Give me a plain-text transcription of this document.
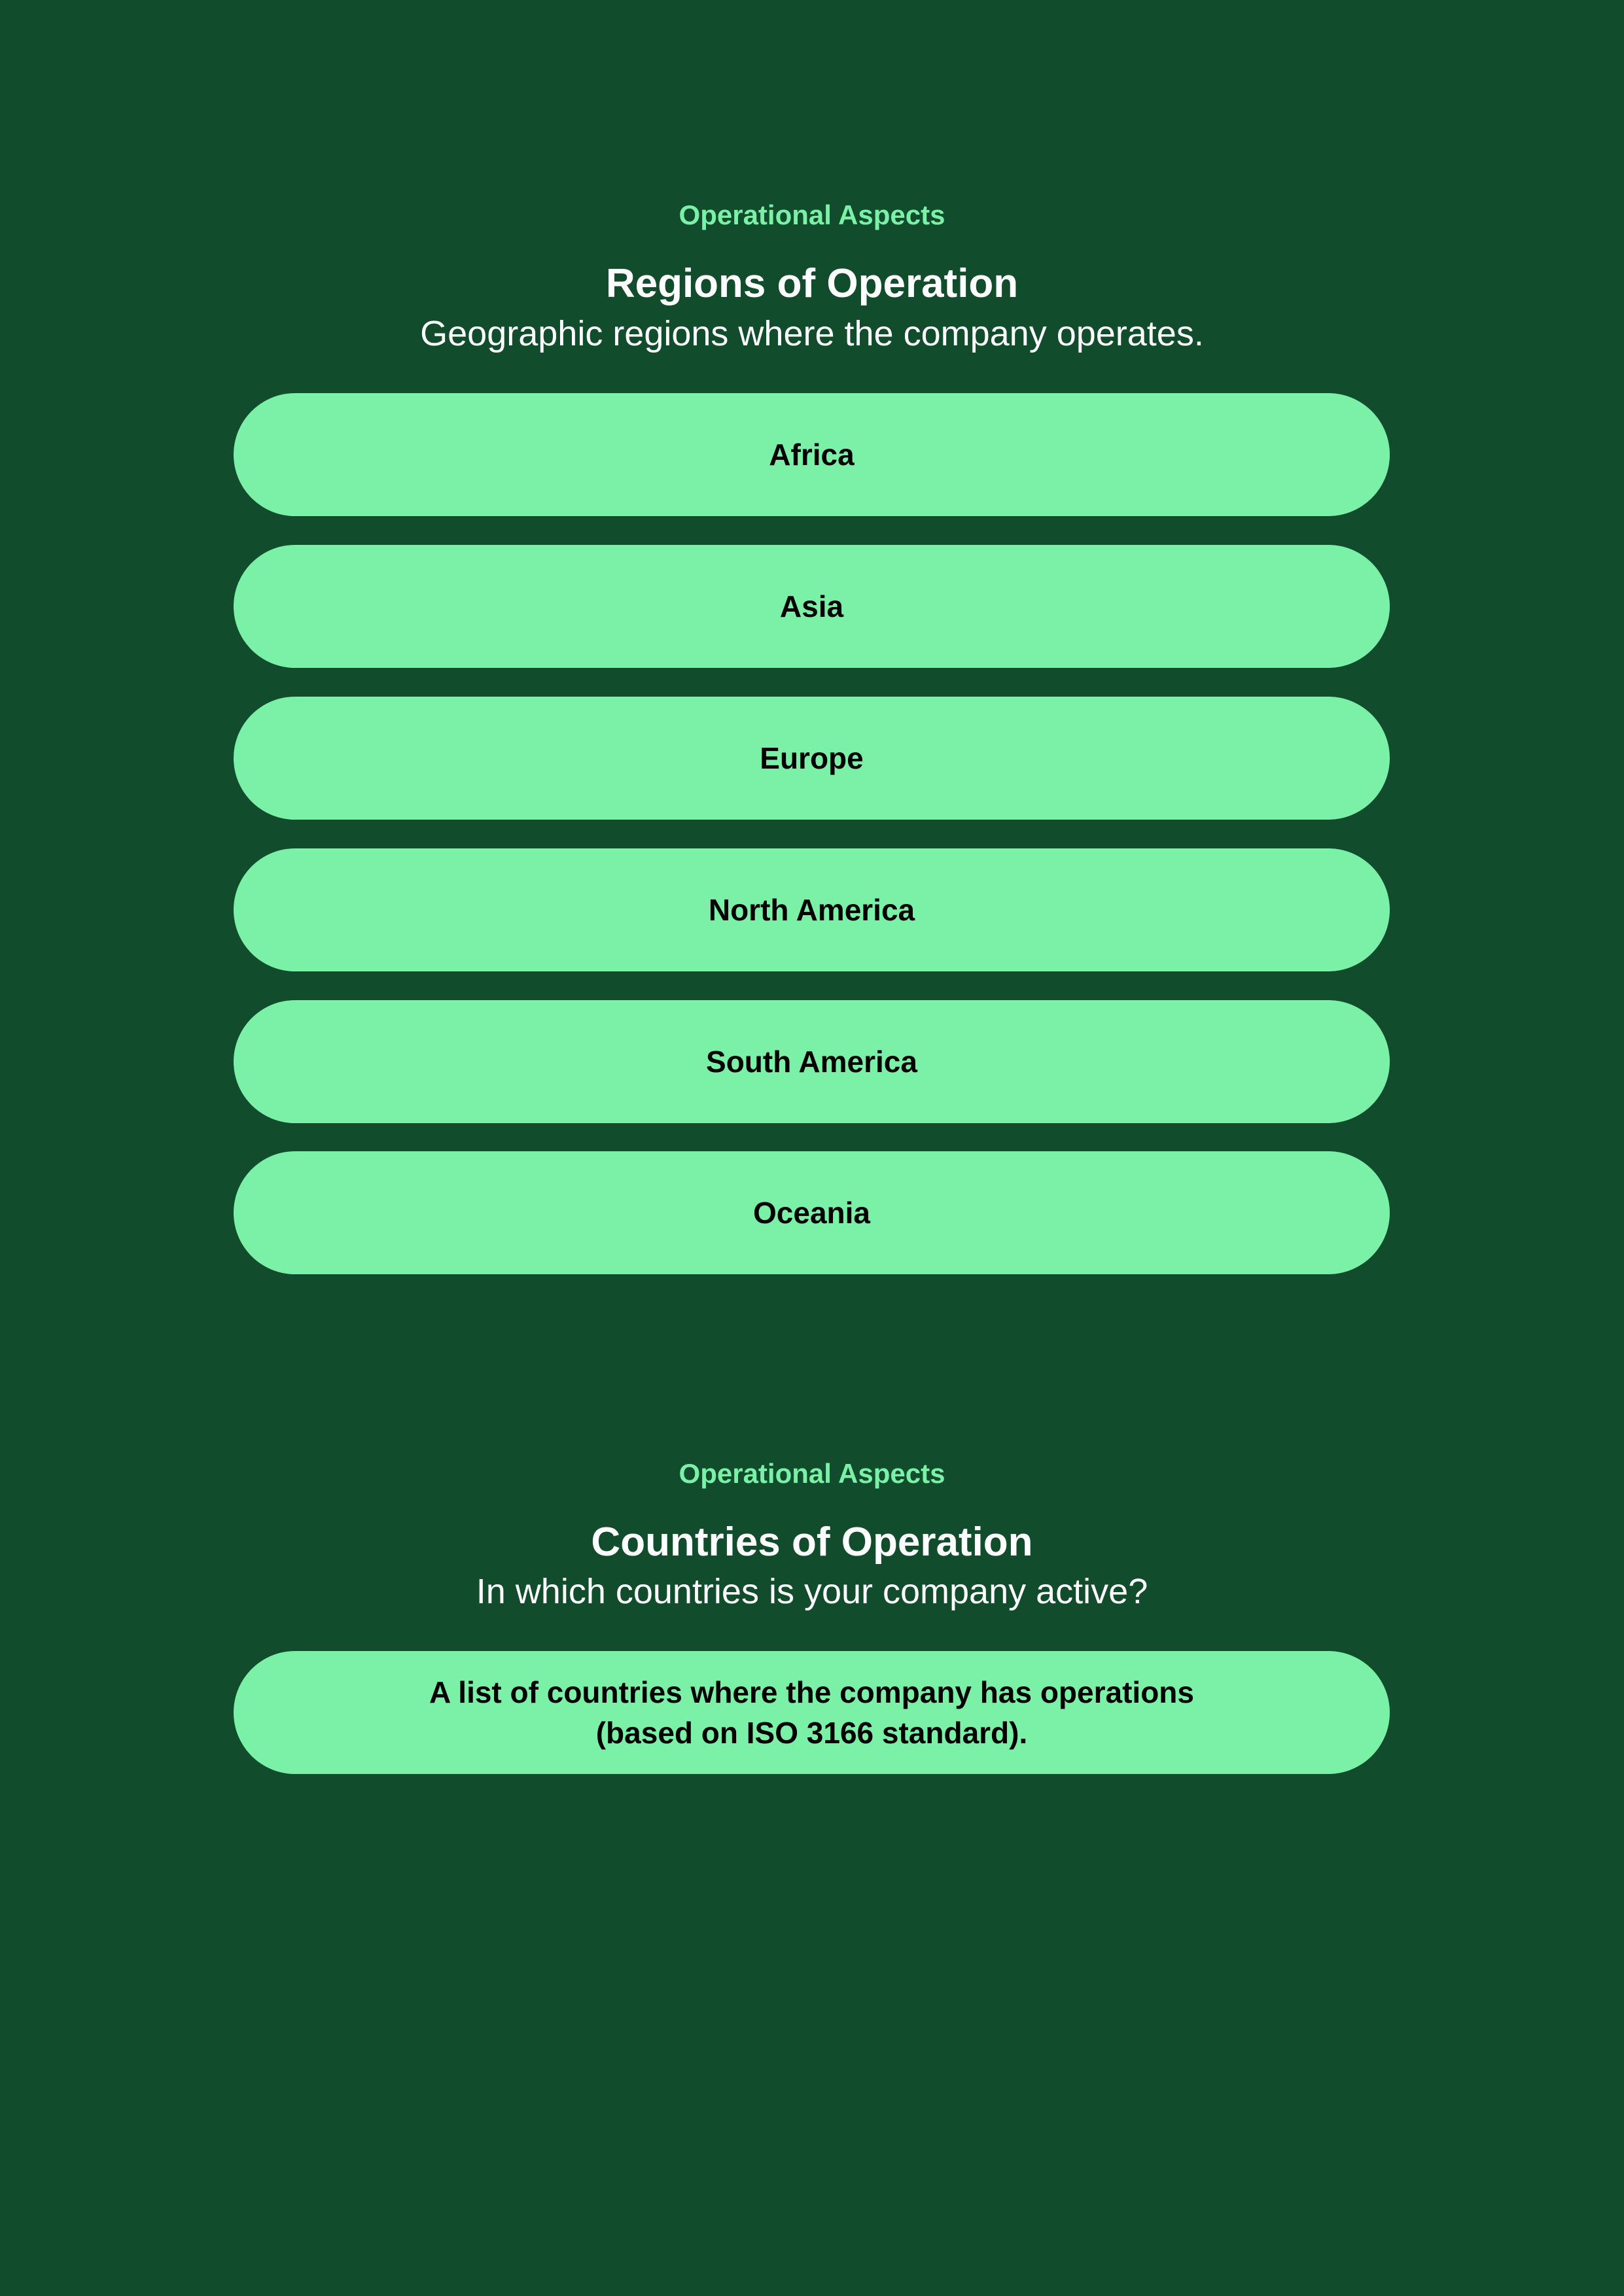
Operational Aspects
Regions of Operation
Geographic regions where the company operates.
Africa
Asia
Europe
North America
South America
Oceania
Operational Aspects
Countries of Operation
In which countries is your company active?
A list of countries where the company has operations (based on ISO 3166 standard).
